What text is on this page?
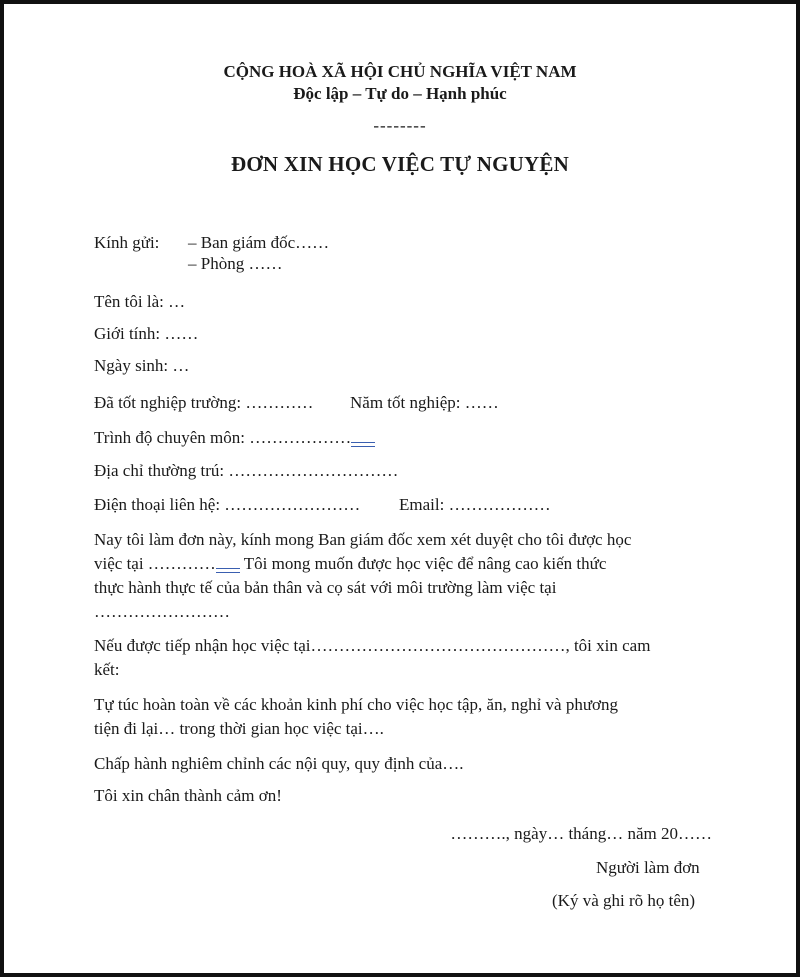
CỘNG HOÀ XÃ HỘI CHỦ NGHĨA VIỆT NAM
Độc lập – Tự do – Hạnh phúc
--------
ĐƠN XIN HỌC VIỆC TỰ NGUYỆN
Kính gửi: – Ban giám đốc……
– Phòng ……
Tên tôi là: …
Giới tính: ……
Ngày sinh: …
Đã tốt nghiệp trường: ………… Năm tốt nghiệp: ……
Trình độ chuyên môn: ………………
Địa chỉ thường trú: …………………………
Điện thoại liên hệ: …………………… Email: ………………
Nay tôi làm đơn này, kính mong Ban giám đốc xem xét duyệt cho tôi được học
việc tại ………… Tôi mong muốn được học việc để nâng cao kiến thức
thực hành thực tế của bản thân và cọ sát với môi trường làm việc tại
……………………
Nếu được tiếp nhận học việc tại………………………………………, tôi xin cam
kết:
Tự túc hoàn toàn về các khoản kinh phí cho việc học tập, ăn, nghỉ và phương
tiện đi lại… trong thời gian học việc tại….
Chấp hành nghiêm chỉnh các nội quy, quy định của….
Tôi xin chân thành cảm ơn!
………., ngày… tháng… năm 20……
Người làm đơn
(Ký và ghi rõ họ tên)
